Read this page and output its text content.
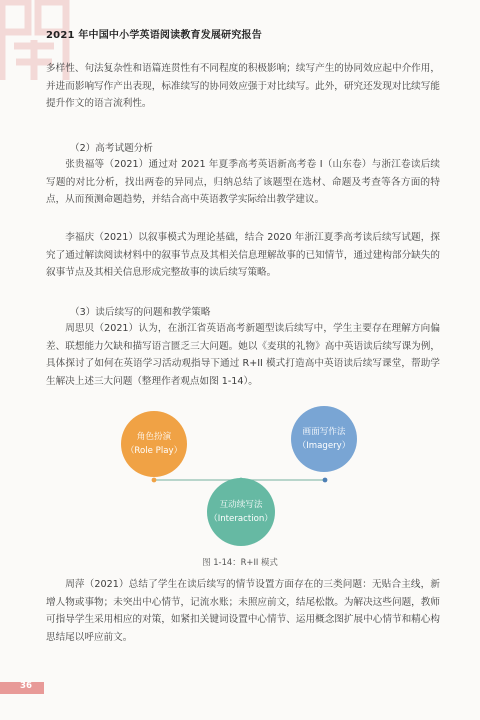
2021 年中国中小学英语阅读教育发展研究报告

多样性、句法复杂性和语篇连贯性有不同程度的积极影响；续写产生的协同效应起中介作用，并进而影响写作产出表现，标准续写的协同效应强于对比续写。此外，研究还发现对比续写能提升作文的语言流利性。

（2）高考试题分析

张贵福等（2021）通过对 2021 年夏季高考英语新高考卷 I（山东卷）与浙江卷读后续写题的对比分析，找出两卷的异同点，归纳总结了该题型在选材、命题及考查等各方面的特点，从而预测命题趋势，并结合高中英语教学实际给出教学建议。

李福庆（2021）以叙事模式为理论基础，结合 2020 年浙江夏季高考读后续写试题，探究了通过解读阅读材料中的叙事节点及其相关信息理解故事的已知情节，通过建构部分缺失的叙事节点及其相关信息形成完整故事的读后续写策略。

（3）读后续写的问题和教学策略

周思贝（2021）认为，在浙江省英语高考新题型读后续写中，学生主要存在理解方向偏差、联想能力欠缺和描写语言匮乏三大问题。她以《麦琪的礼物》高中英语读后续写课为例，具体探讨了如何在英语学习活动观指导下通过 R+II 模式打造高中英语读后续写课堂，帮助学生解决上述三大问题（整理作者观点如图 1-14）。

角色扮演
（Role Play）
画面写作法
（Imagery）
互动续写法
（Interaction）
图 1-14：R+II 模式

周萍（2021）总结了学生在读后续写的情节设置方面存在的三类问题：无贴合主线，新增人物或事物；未突出中心情节，记流水账；未照应前文，结尾松散。为解决这些问题，教师可指导学生采用相应的对策，如紧扣关键词设置中心情节、运用概念图扩展中心情节和精心构思结尾以呼应前文。

36
